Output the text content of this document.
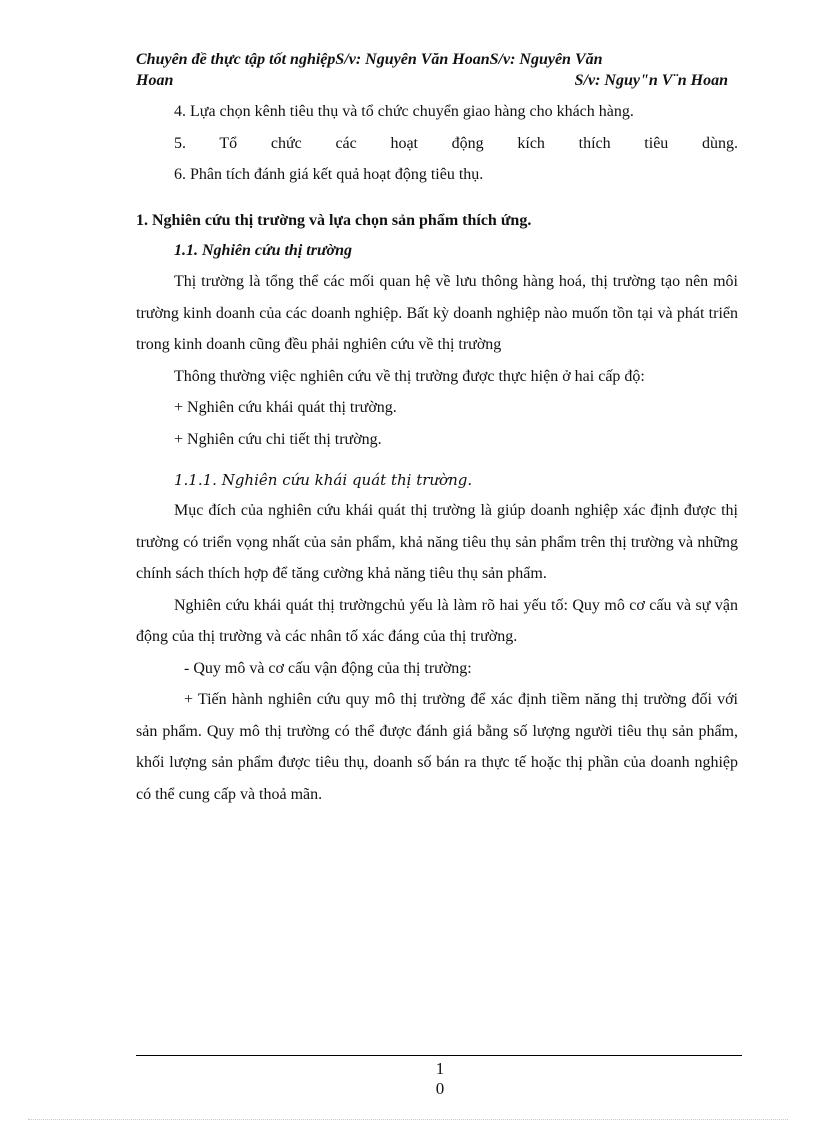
Chuyên đề thực tập tốt nghiệpS/v: Nguyên Văn HoanS/v: Nguyên Văn
Hoan	S/v: Nguy"n V¨n Hoan

4. Lựa chọn kênh tiêu thụ và tổ chức chuyển giao hàng cho khách hàng.

5.     Tổ     chức     các     hoạt     động     kích     thích     tiêu     dùng.

6. Phân tích đánh giá kết quả hoạt động tiêu thụ.

1. Nghiên cứu thị trường và lựa chọn sản phẩm thích ứng.

1.1. Nghiên cứu thị trường

Thị trường là tổng thể các mối quan hệ về lưu thông hàng hoá, thị trường tạo nên môi trường kinh doanh của các doanh nghiệp. Bất kỳ doanh nghiệp nào muốn tồn tại và phát triển trong kinh doanh cũng đều phải nghiên cứu về thị trường

Thông thường việc nghiên cứu về thị trường được thực hiện ở hai cấp độ:

+ Nghiên cứu khái quát thị trường.

+ Nghiên cứu chi tiết thị trường.

1.1.1. Nghiên cứu khái quát thị trường.

Mục đích của nghiên cứu khái quát thị trường là giúp doanh nghiệp xác định được thị trường có triển vọng nhất của sản phẩm, khả năng tiêu thụ sản phẩm trên thị trường và những chính sách thích hợp để tăng cường khả năng tiêu thụ sản phẩm.

Nghiên cứu khái quát thị trườngchủ yếu là làm rõ hai yếu tố: Quy mô cơ cấu và sự vận động của thị trường và các nhân tố xác đáng của thị trường.

- Quy mô và cơ cấu vận động của thị trường:

+ Tiến hành nghiên cứu quy mô thị trường để xác định tiềm năng thị trường đối với sản phẩm. Quy mô thị trường có thể được đánh giá bằng số lượng người tiêu thụ sản phẩm, khối lượng sản phẩm được tiêu thụ, doanh số bán ra thực tế hoặc thị phần của doanh nghiệp có thể cung cấp và thoả mãn.

1
0
